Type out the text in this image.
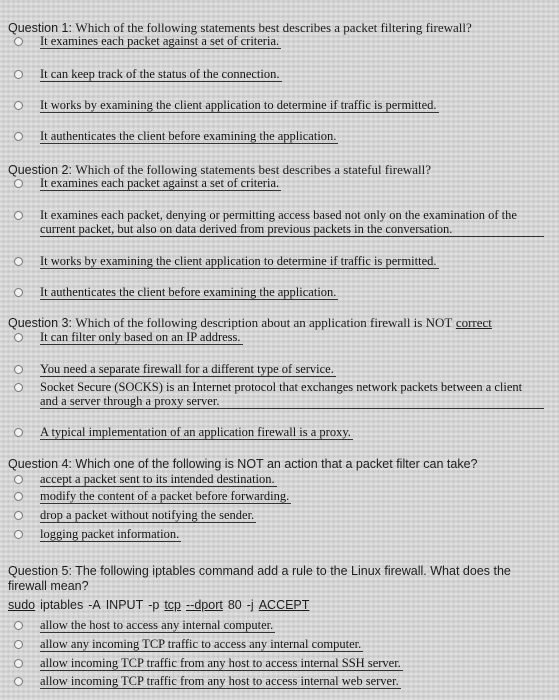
Question 1: Which of the following statements best describes a packet filtering firewall?
It examines each packet against a set of criteria.
It can keep track of the status of the connection.
It works by examining the client application to determine if traffic is permitted.
It authenticates the client before examining the application.
Question 2: Which of the following statements best describes a stateful firewall?
It examines each packet against a set of criteria.
It examines each packet, denying or permitting access based not only on the examination of the current packet, but also on data derived from previous packets in the conversation.
It works by examining the client application to determine if traffic is permitted.
It authenticates the client before examining the application.
Question 3: Which of the following description about an application firewall is NOT correct
It can filter only based on an IP address.
You need a separate firewall for a different type of service.
Socket Secure (SOCKS) is an Internet protocol that exchanges network packets between a client and a server through a proxy server.
A typical implementation of an application firewall is a proxy.
Question 4: Which one of the following is NOT an action that a packet filter can take?
accept a packet sent to its intended destination.
modify the content of a packet before forwarding.
drop a packet without notifying the sender.
logging packet information.
Question 5: The following iptables command add a rule to the Linux firewall. What does the firewall mean?
sudo iptables -A INPUT -p tcp --dport 80 -j ACCEPT
allow the host to access any internal computer.
allow any incoming TCP traffic to access any internal computer.
allow incoming TCP traffic from any host to access internal SSH server.
allow incoming TCP traffic from any host to access internal web server.
